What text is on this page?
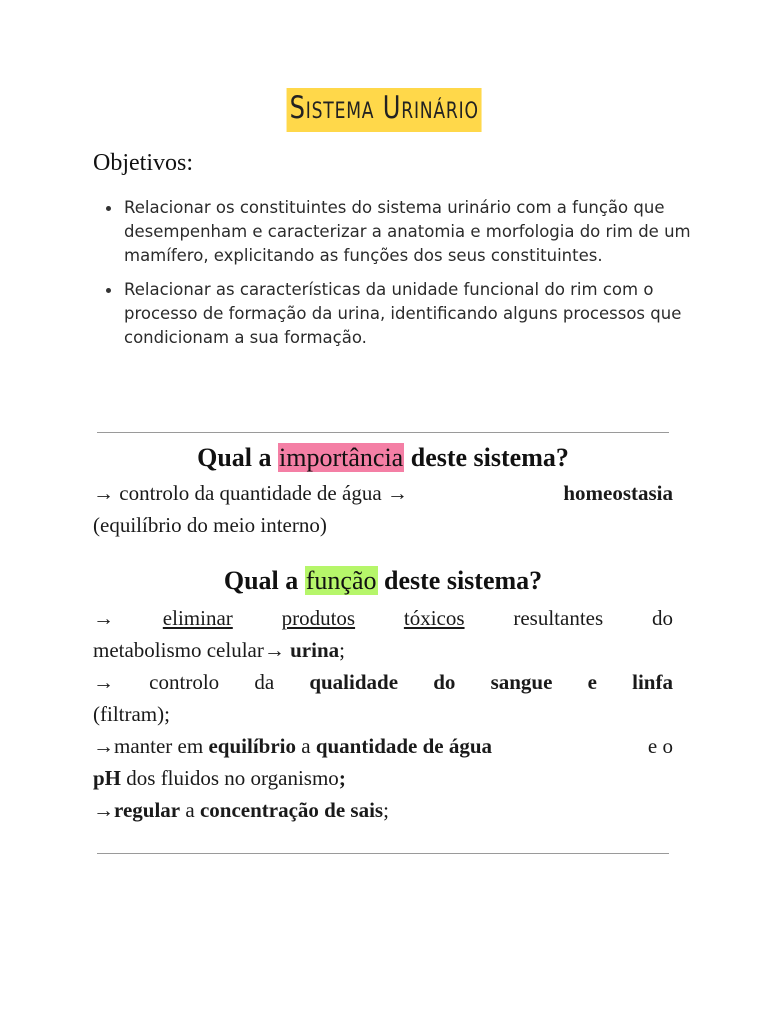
Sistema Urinário
Objetivos:
Relacionar os constituintes do sistema urinário com a função que desempenham e caracterizar a anatomia e morfologia do rim de um mamífero, explicitando as funções dos seus constituintes.
Relacionar as características da unidade funcional do rim com o processo de formação da urina, identificando alguns processos que condicionam a sua formação.
Qual a importância deste sistema?
→ controlo da quantidade de água →	homeostasia
(equilíbrio do meio interno)
Qual a função deste sistema?
→ eliminar produtos tóxicos resultantes do
metabolismo celular→ urina;
→ controlo da qualidade do sangue e linfa
(filtram);
→manter em equilíbrio a quantidade de água	e o
pH dos fluidos no organismo;
→regular a concentração de sais;
